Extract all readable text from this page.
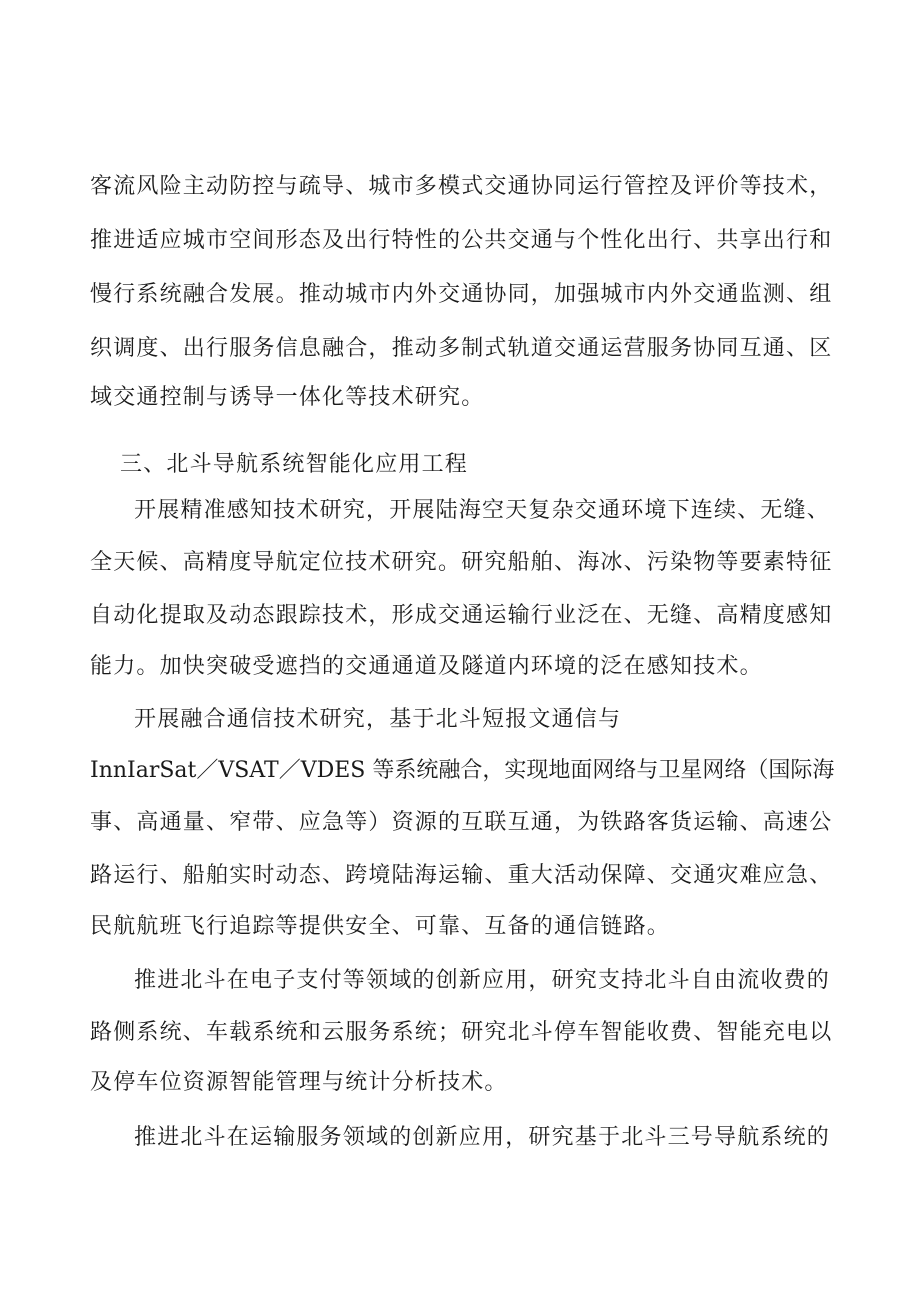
客流风险主动防控与疏导、城市多模式交通协同运行管控及评价等技术，

推进适应城市空间形态及出行特性的公共交通与个性化出行、共享出行和

慢行系统融合发展。推动城市内外交通协同，加强城市内外交通监测、组

织调度、出行服务信息融合，推动多制式轨道交通运营服务协同互通、区

域交通控制与诱导一体化等技术研究。

三、北斗导航系统智能化应用工程

开展精准感知技术研究，开展陆海空天复杂交通环境下连续、无缝、

全天候、高精度导航定位技术研究。研究船舶、海冰、污染物等要素特征

自动化提取及动态跟踪技术，形成交通运输行业泛在、无缝、高精度感知

能力。加快突破受遮挡的交通通道及隧道内环境的泛在感知技术。

开展融合通信技术研究，基于北斗短报文通信与

InnIarSat／VSAT／VDES 等系统融合，实现地面网络与卫星网络（国际海

事、高通量、窄带、应急等）资源的互联互通，为铁路客货运输、高速公

路运行、船舶实时动态、跨境陆海运输、重大活动保障、交通灾难应急、

民航航班飞行追踪等提供安全、可靠、互备的通信链路。

推进北斗在电子支付等领域的创新应用，研究支持北斗自由流收费的

路侧系统、车载系统和云服务系统；研究北斗停车智能收费、智能充电以

及停车位资源智能管理与统计分析技术。

推进北斗在运输服务领域的创新应用，研究基于北斗三号导航系统的
